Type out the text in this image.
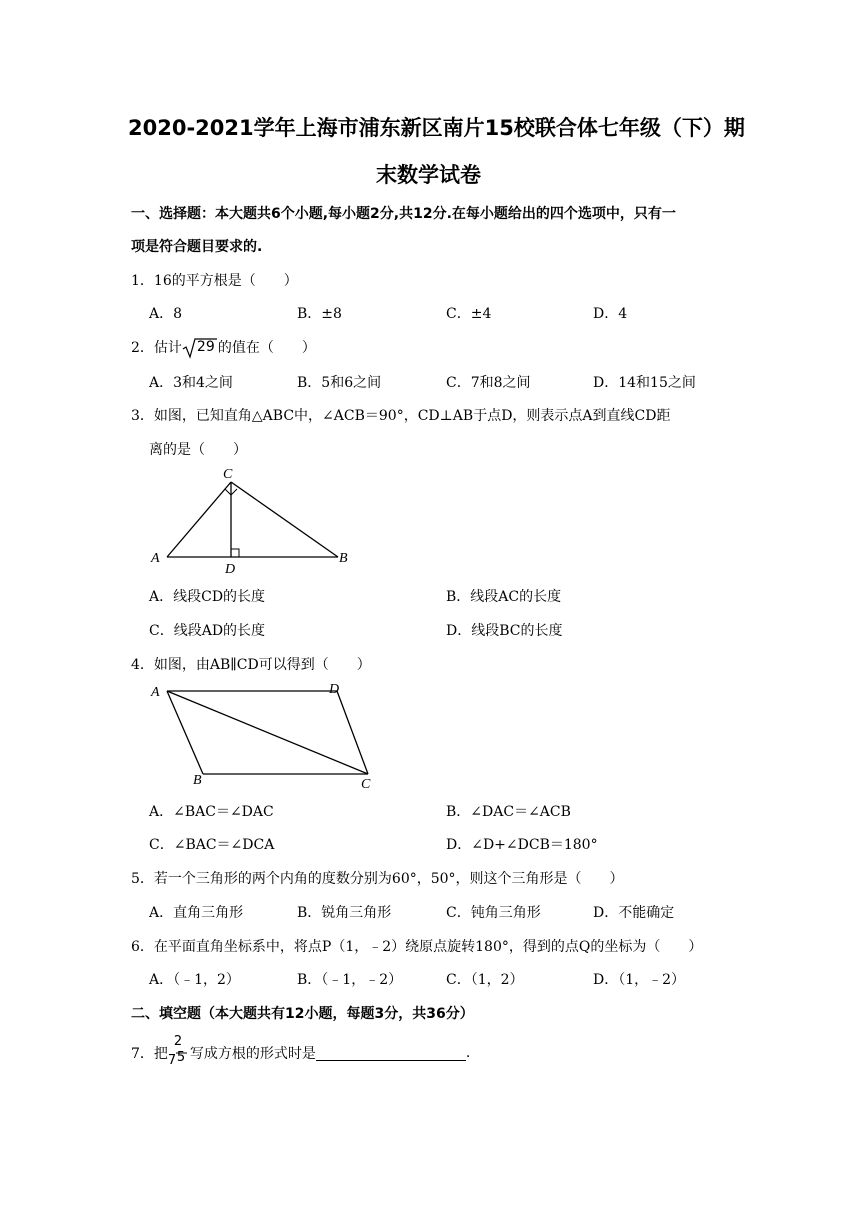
2020-2021学年上海市浦东新区南片15校联合体七年级（下）期
末数学试卷
一、选择题：本大题共6个小题,每小题2分,共12分.在每小题给出的四个选项中，只有一
项是符合题目要求的.
1．16的平方根是（　　）
A．8	B．±8	C．±4	D．4
2．估计 29 的值在（　　）
A．3和4之间	B．5和6之间	C．7和8之间	D．14和15之间
3．如图，已知直角△ABC中，∠ACB＝90°，CD⊥AB于点D，则表示点A到直线CD距
离的是（　　）
C
A	B
D
A．线段CD的长度	B．线段AC的长度
C．线段AD的长度	D．线段BC的长度
4．如图，由AB∥CD可以得到（　　）
A	D
B	C
A．∠BAC＝∠DAC	B．∠DAC＝∠ACB
C．∠BAC＝∠DCA	D．∠D+∠DCB＝180°
5．若一个三角形的两个内角的度数分别为60°，50°，则这个三角形是（　　）
A．直角三角形	B．锐角三角形	C．钝角三角形	D．不能确定
6．在平面直角坐标系中，将点P（1，﹣2）绕原点旋转180°，得到的点Q的坐标为（　　）
A．（﹣1，2）	B．（﹣1，﹣2）	C．（1，2）	D．（1，﹣2）
二、填空题（本大题共有12小题，每题3分，共36分）
7．把 7
2
5 写成方根的形式时是	.
